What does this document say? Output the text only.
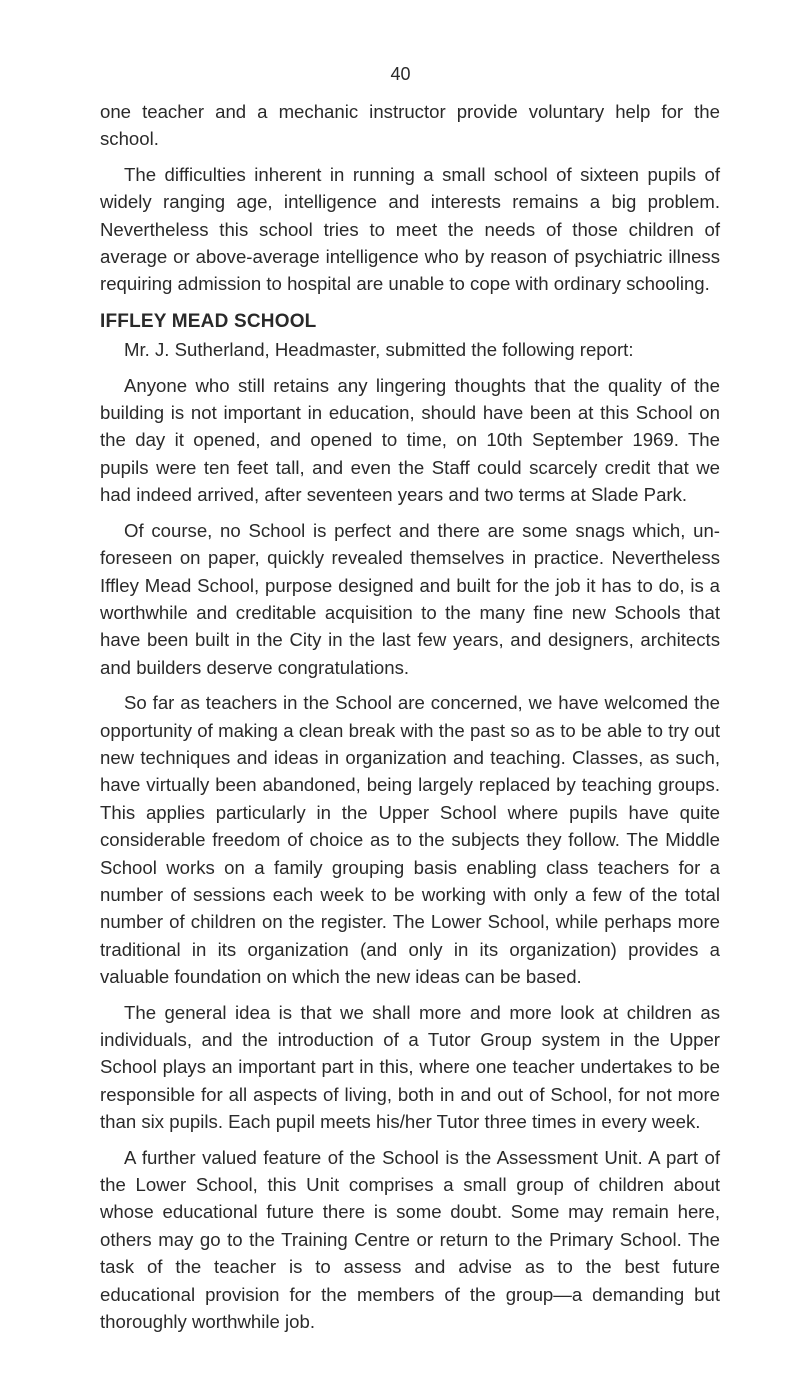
40

one teacher and a mechanic instructor provide voluntary help for the school.

The difficulties inherent in running a small school of sixteen pupils of widely ranging age, intelligence and interests remains a big problem. Nevertheless this school tries to meet the needs of those children of average or above-average intelligence who by reason of psychiatric illness requiring admission to hospital are unable to cope with ordinary schooling.

IFFLEY MEAD SCHOOL

Mr. J. Sutherland, Headmaster, submitted the following report:

Anyone who still retains any lingering thoughts that the quality of the building is not important in education, should have been at this School on the day it opened, and opened to time, on 10th September 1969. The pupils were ten feet tall, and even the Staff could scarcely credit that we had indeed arrived, after seventeen years and two terms at Slade Park.

Of course, no School is perfect and there are some snags which, unforeseen on paper, quickly revealed themselves in practice. Nevertheless Iffley Mead School, purpose designed and built for the job it has to do, is a worthwhile and creditable acquisition to the many fine new Schools that have been built in the City in the last few years, and designers, architects and builders deserve congratulations.

So far as teachers in the School are concerned, we have welcomed the opportunity of making a clean break with the past so as to be able to try out new techniques and ideas in organization and teaching. Classes, as such, have virtually been abandoned, being largely replaced by teaching groups. This applies particularly in the Upper School where pupils have quite considerable freedom of choice as to the subjects they follow. The Middle School works on a family grouping basis enabling class teachers for a number of sessions each week to be working with only a few of the total number of children on the register. The Lower School, while perhaps more traditional in its organization (and only in its organization) provides a valuable foundation on which the new ideas can be based.

The general idea is that we shall more and more look at children as individuals, and the introduction of a Tutor Group system in the Upper School plays an important part in this, where one teacher undertakes to be responsible for all aspects of living, both in and out of School, for not more than six pupils. Each pupil meets his/her Tutor three times in every week.

A further valued feature of the School is the Assessment Unit. A part of the Lower School, this Unit comprises a small group of children about whose educational future there is some doubt. Some may remain here, others may go to the Training Centre or return to the Primary School. The task of the teacher is to assess and advise as to the best future educational provision for the members of the group—a demanding but thoroughly worthwhile job.
